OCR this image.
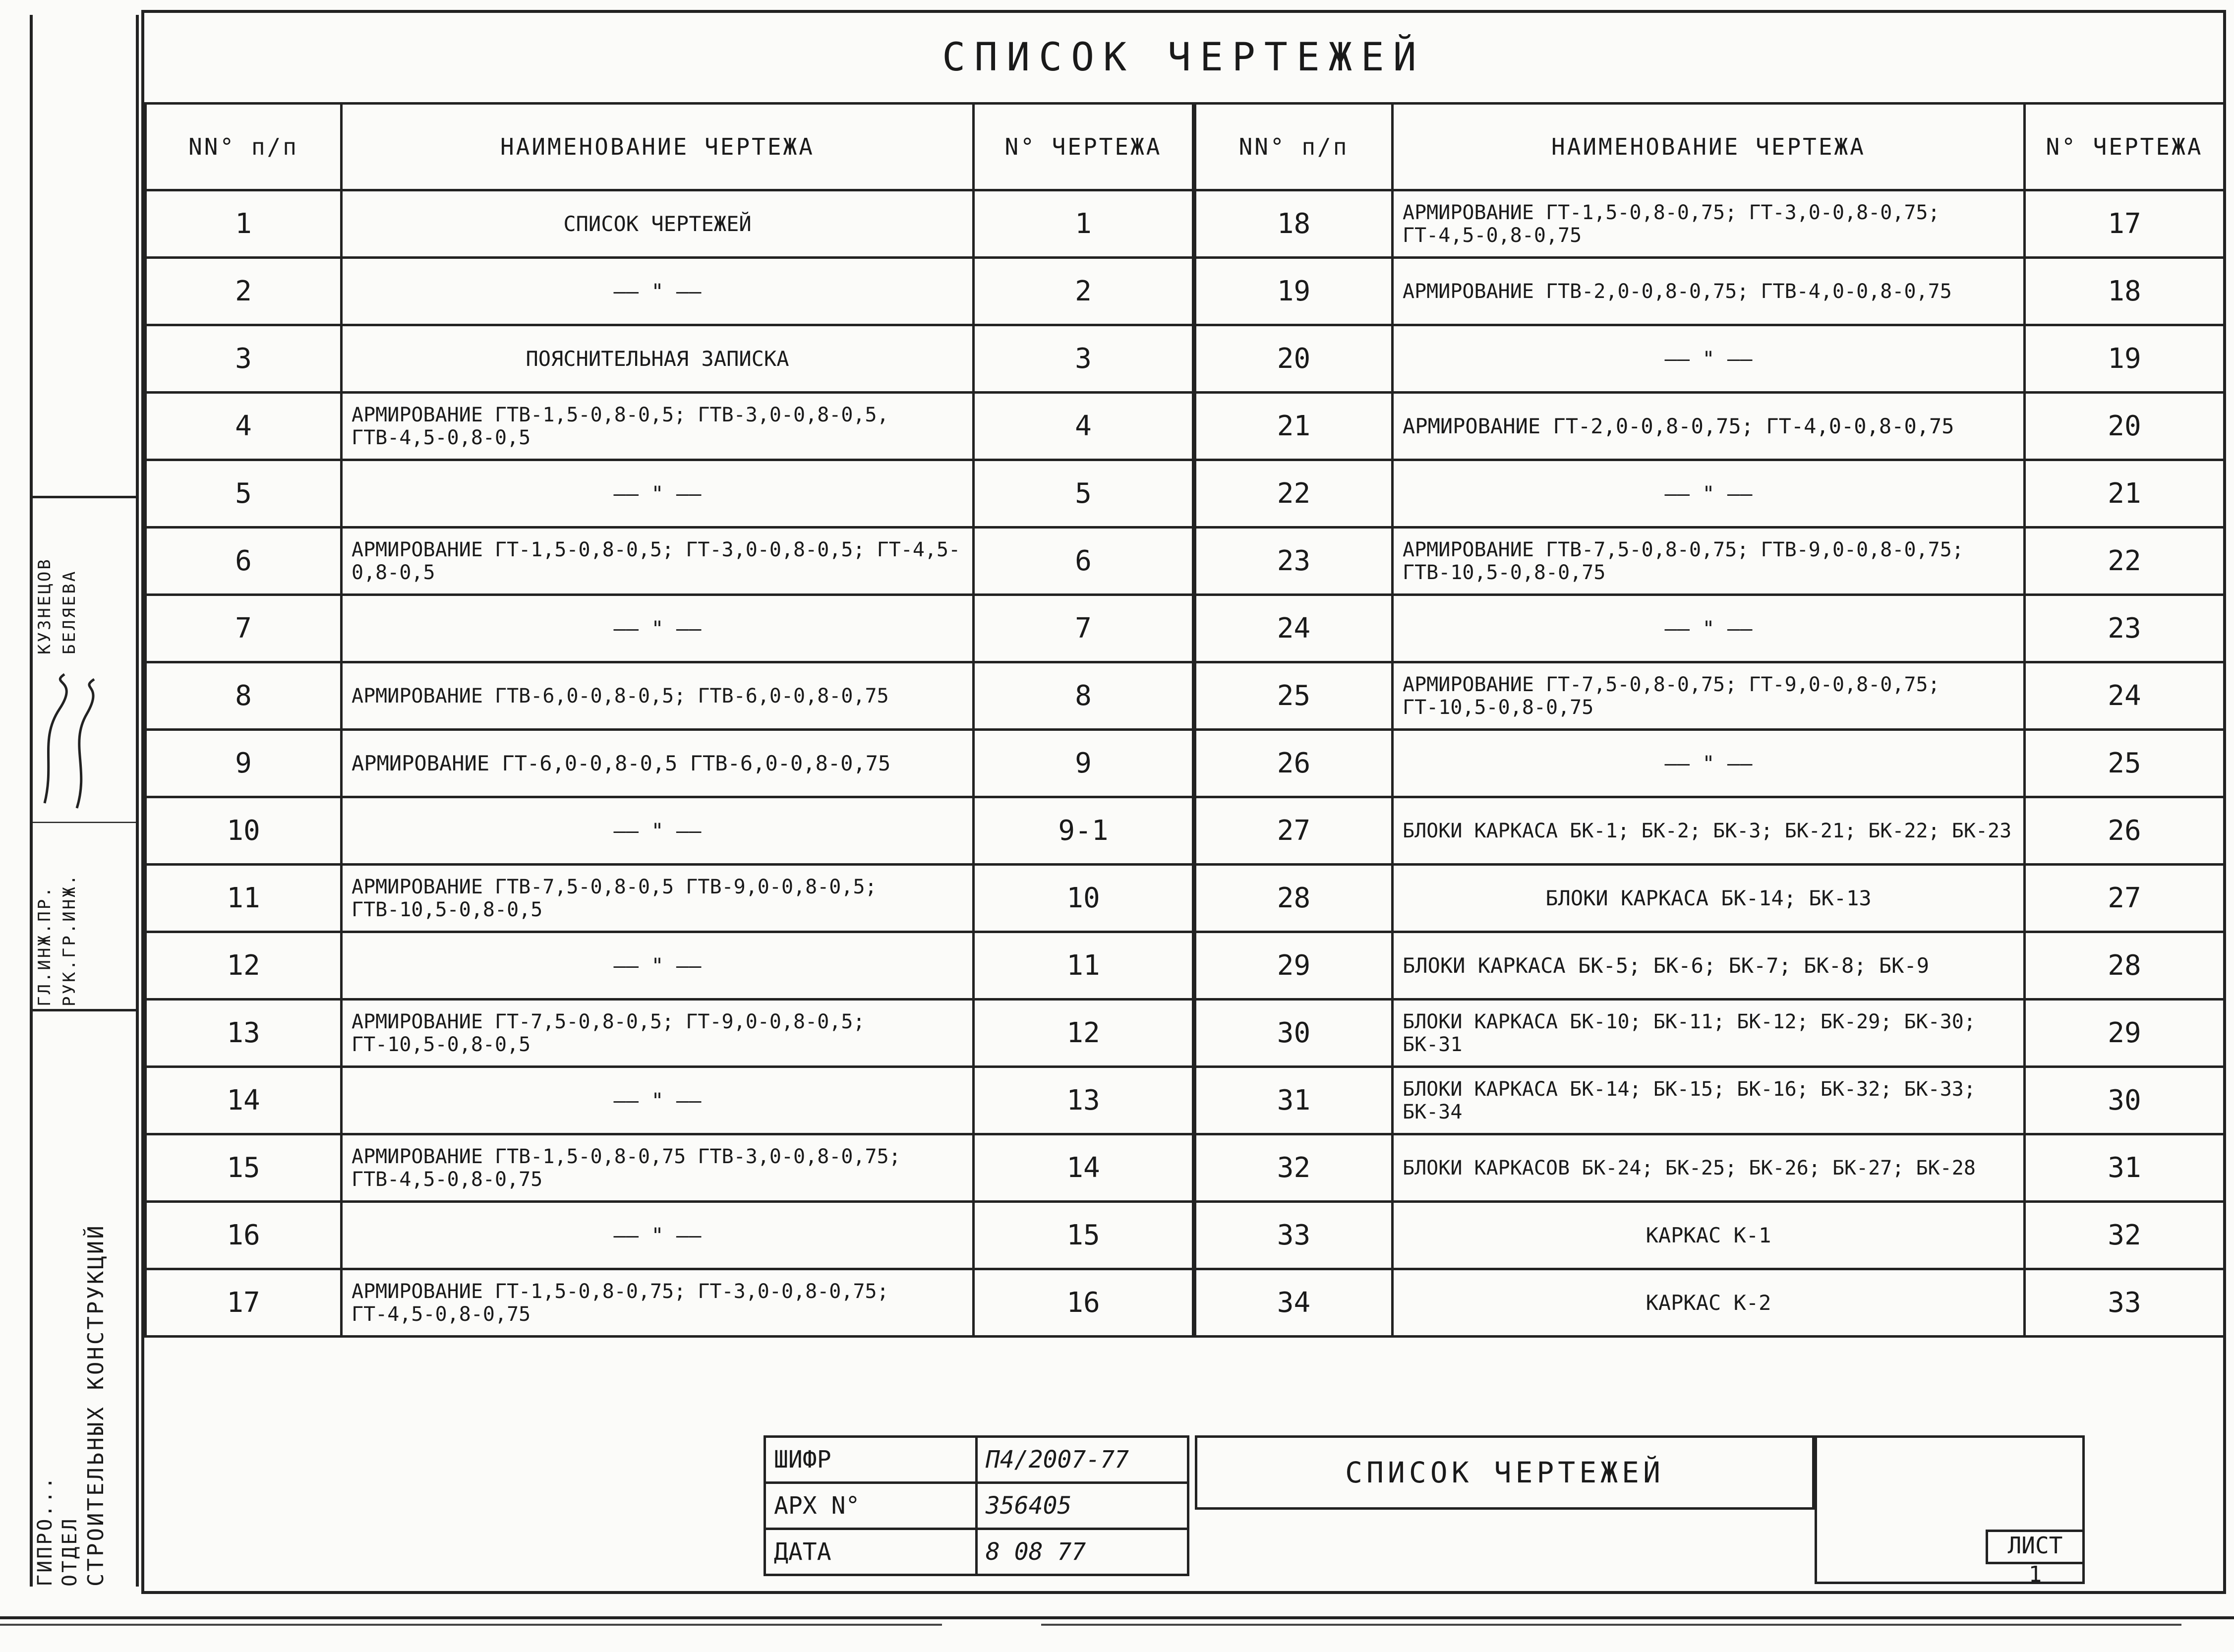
ГИПРО... ОТДЕЛ СТРОИТЕЛЬНЫХ КОНСТРУКЦИЙ
ГЛ.ИНЖ.ПР. РУК.ГР.ИНЖ.
КУЗНЕЦОВ БЕЛЯЕВА
СПИСОК ЧЕРТЕЖЕЙ
NN° п/п	НАИМЕНОВАНИЕ ЧЕРТЕЖА	N° ЧЕРТЕЖА	NN° п/п	НАИМЕНОВАНИЕ ЧЕРТЕЖА	N° ЧЕРТЕЖА
1	СПИСОК ЧЕРТЕЖЕЙ	1	18	АРМИРОВАНИЕ ГТ-1,5-0,8-0,75; ГТ-3,0-0,8-0,75; ГТ-4,5-0,8-0,75	17
2	—— " ——	2	19	АРМИРОВАНИЕ ГТВ-2,0-0,8-0,75; ГТВ-4,0-0,8-0,75	18
3	ПОЯСНИТЕЛЬНАЯ ЗАПИСКА	3	20	—— " ——	19
4	АРМИРОВАНИЕ ГТВ-1,5-0,8-0,5; ГТВ-3,0-0,8-0,5, ГТВ-4,5-0,8-0,5	4	21	АРМИРОВАНИЕ ГТ-2,0-0,8-0,75; ГТ-4,0-0,8-0,75	20
5	—— " ——	5	22	—— " ——	21
6	АРМИРОВАНИЕ ГТ-1,5-0,8-0,5; ГТ-3,0-0,8-0,5; ГТ-4,5-0,8-0,5	6	23	АРМИРОВАНИЕ ГТВ-7,5-0,8-0,75; ГТВ-9,0-0,8-0,75; ГТВ-10,5-0,8-0,75	22
7	—— " ——	7	24	—— " ——	23
8	АРМИРОВАНИЕ ГТВ-6,0-0,8-0,5; ГТВ-6,0-0,8-0,75	8	25	АРМИРОВАНИЕ ГТ-7,5-0,8-0,75; ГТ-9,0-0,8-0,75; ГТ-10,5-0,8-0,75	24
9	АРМИРОВАНИЕ ГТ-6,0-0,8-0,5 ГТВ-6,0-0,8-0,75	9	26	—— " ——	25
10	—— " ——	9-1	27	БЛОКИ КАРКАСА БК-1; БК-2; БК-3; БК-21; БК-22; БК-23	26
11	АРМИРОВАНИЕ ГТВ-7,5-0,8-0,5 ГТВ-9,0-0,8-0,5; ГТВ-10,5-0,8-0,5	10	28	БЛОКИ КАРКАСА БК-14; БК-13	27
12	—— " ——	11	29	БЛОКИ КАРКАСА БК-5; БК-6; БК-7; БК-8; БК-9	28
13	АРМИРОВАНИЕ ГТ-7,5-0,8-0,5; ГТ-9,0-0,8-0,5; ГТ-10,5-0,8-0,5	12	30	БЛОКИ КАРКАСА БК-10; БК-11; БК-12; БК-29; БК-30; БК-31	29
14	—— " ——	13	31	БЛОКИ КАРКАСА БК-14; БК-15; БК-16; БК-32; БК-33; БК-34	30
15	АРМИРОВАНИЕ ГТВ-1,5-0,8-0,75 ГТВ-3,0-0,8-0,75; ГТВ-4,5-0,8-0,75	14	32	БЛОКИ КАРКАСОВ БК-24; БК-25; БК-26; БК-27; БК-28	31
16	—— " ——	15	33	КАРКАС К-1	32
17	АРМИРОВАНИЕ ГТ-1,5-0,8-0,75; ГТ-3,0-0,8-0,75; ГТ-4,5-0,8-0,75	16	34	КАРКАС К-2	33
ШИФР	П4/2007-77
АРХ N°	356405
ДАТА	8 08 77
СПИСОК ЧЕРТЕЖЕЙ
ЛИСТ
1
